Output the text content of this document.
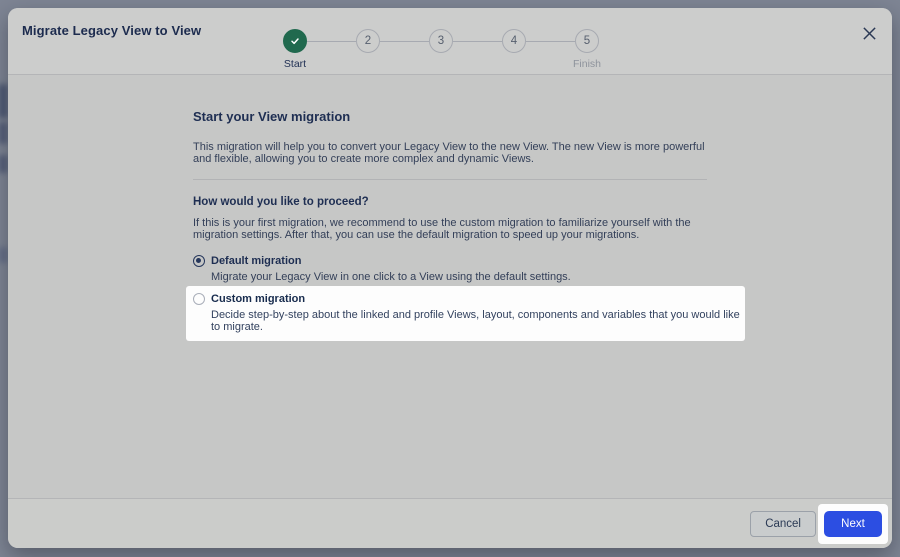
Migrate Legacy View to View
Start
2	3	4	5
Finish
Start your View migration

This migration will help you to convert your Legacy View to the new View. The new View is more powerful and flexible, allowing you to create more complex and dynamic Views.

How would you like to proceed?

If this is your first migration, we recommend to use the custom migration to familiarize yourself with the migration settings. After that, you can use the default migration to speed up your migrations.

Default migration
Migrate your Legacy View in one click to a View using the default settings.
Custom migration
Decide step-by-step about the linked and profile Views, layout, components and variables that you would like to migrate.
Cancel	Next
